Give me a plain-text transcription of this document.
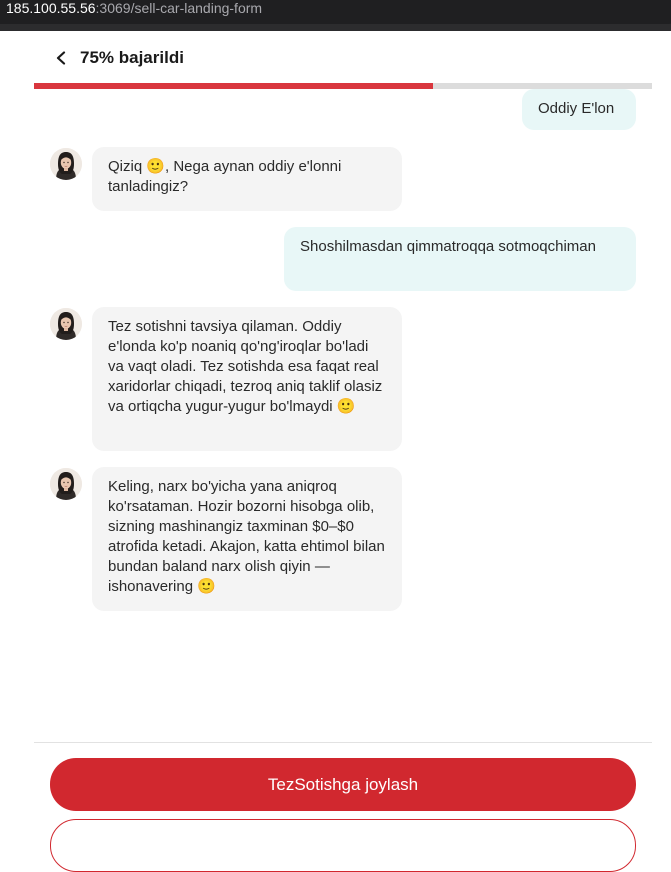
185.100.55.56:3069/sell-car-landing-form
75% bajarildi
Oddiy E'lon
Qiziq 🙂, Nega aynan oddiy e'lonni tanladingiz?
Shoshilmasdan qimmatroqqa sotmoqchiman
Tez sotishni tavsiya qilaman. Oddiy e'londa ko'p noaniq qo'ng'iroqlar bo'ladi va vaqt oladi. Tez sotishda esa faqat real xaridorlar chiqadi, tezroq aniq taklif olasiz va ortiqcha yugur-yugur bo'lmaydi 🙂
Keling, narx bo'yicha yana aniqroq ko'rsataman. Hozir bozorni hisobga olib, sizning mashinangiz taxminan $0–$0 atrofida ketadi. Akajon, katta ehtimol bilan bundan baland narx olish qiyin — ishonavering 🙂
TezSotishga joylash
